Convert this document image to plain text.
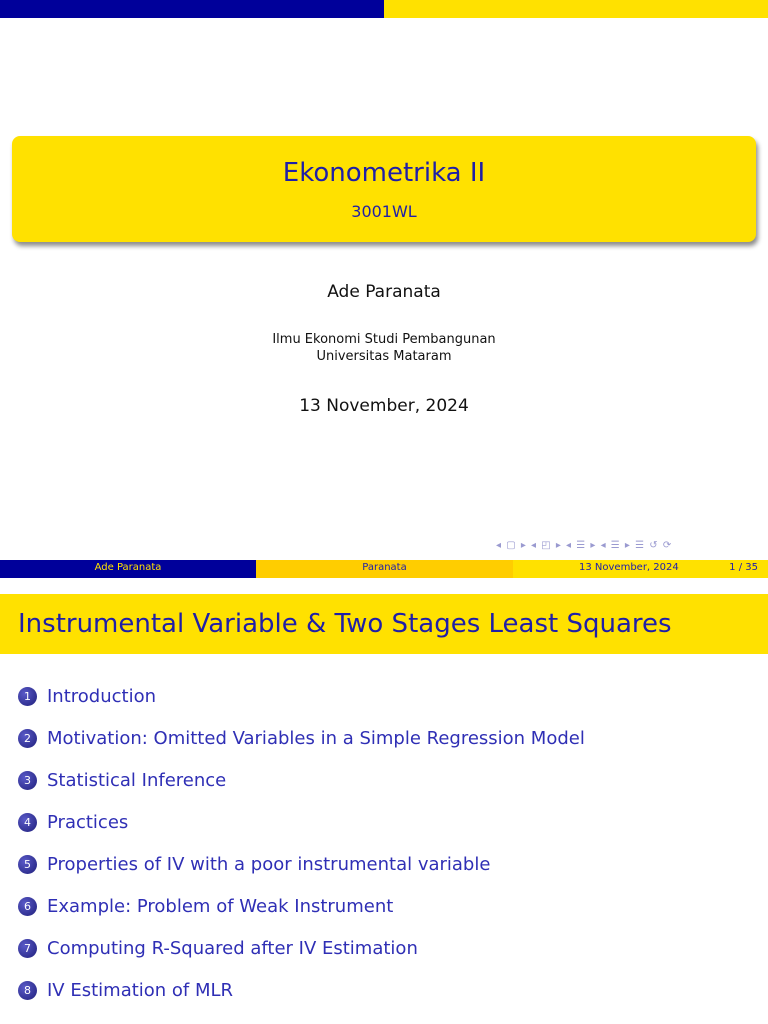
Ekonometrika II
3001WL
Ade Paranata
Ilmu Ekonomi Studi Pembangunan
Universitas Mataram
13 November, 2024
◂ ▢ ▸ ◂ ◰ ▸ ◂ ☰ ▸ ◂ ☰ ▸ ☰ ↺ ⟳
Ade Paranata	Paranata	13 November, 2024	1 / 35
Instrumental Variable & Two Stages Least Squares
1 Introduction
2 Motivation: Omitted Variables in a Simple Regression Model
3 Statistical Inference
4 Practices
5 Properties of IV with a poor instrumental variable
6 Example: Problem of Weak Instrument
7 Computing R-Squared after IV Estimation
8 IV Estimation of MLR
